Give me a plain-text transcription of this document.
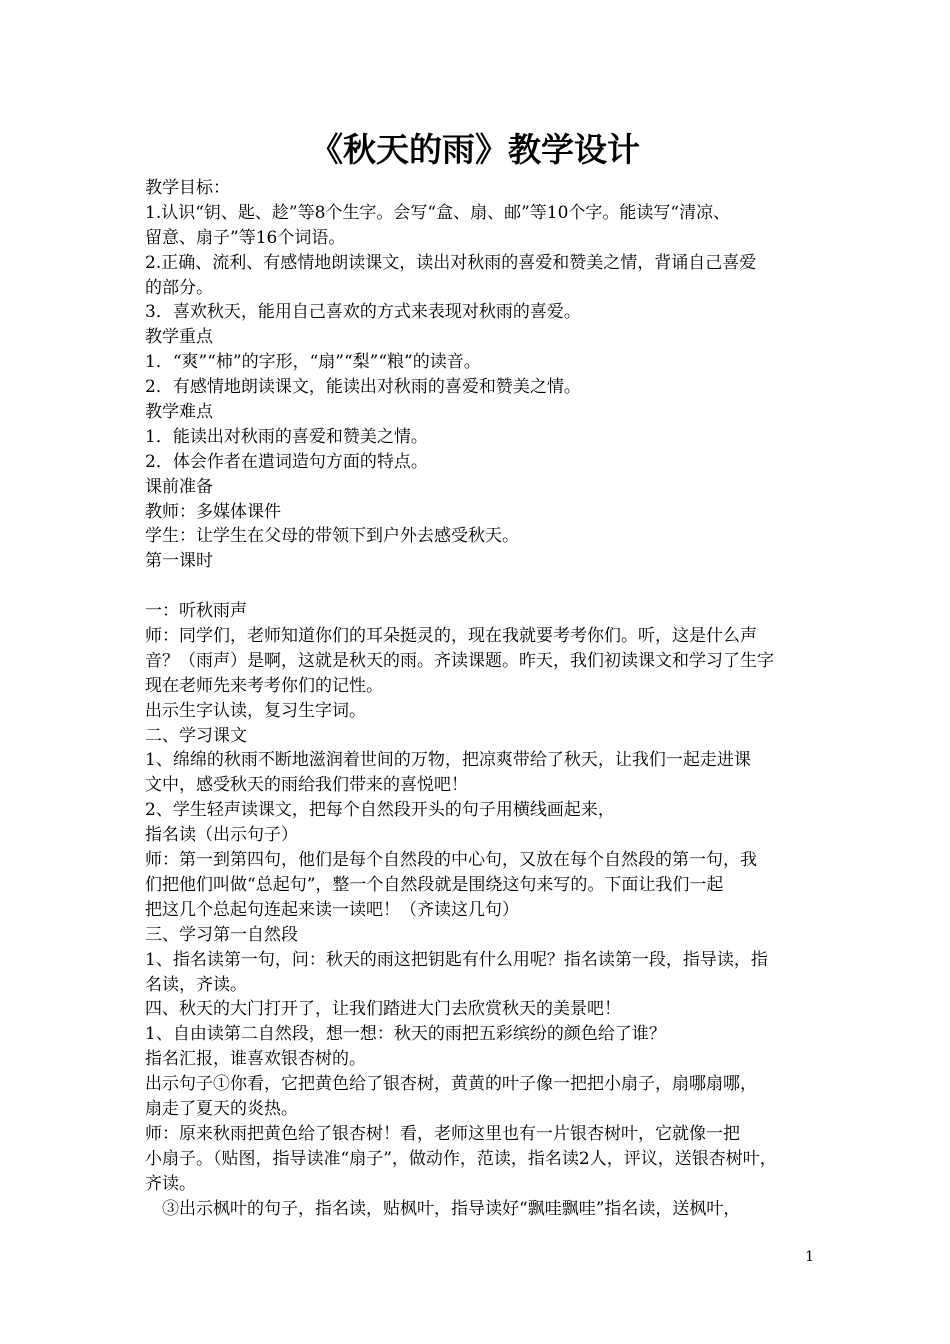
《秋天的雨》教学设计
教学目标：
1.认识“钥、匙、趁”等8个生字。会写“盒、扇、邮”等10个字。能读写“清凉、
留意、扇子”等16个词语。
2.正确、流利、有感情地朗读课文，读出对秋雨的喜爱和赞美之情，背诵自己喜爱
的部分。
3．喜欢秋天，能用自己喜欢的方式来表现对秋雨的喜爱。
教学重点
1．“爽”“柿”的字形，“扇”“梨”“粮”的读音。
2．有感情地朗读课文，能读出对秋雨的喜爱和赞美之情。
教学难点
1．能读出对秋雨的喜爱和赞美之情。
2．体会作者在遣词造句方面的特点。
课前准备
教师：多媒体课件
学生：让学生在父母的带领下到户外去感受秋天。
第一课时
一：听秋雨声
师：同学们，老师知道你们的耳朵挺灵的，现在我就要考考你们。听，这是什么声
音？（雨声）是啊，这就是秋天的雨。齐读课题。昨天，我们初读课文和学习了生字
现在老师先来考考你们的记性。
出示生字认读，复习生字词。
二、学习课文
1、绵绵的秋雨不断地滋润着世间的万物，把凉爽带给了秋天，让我们一起走进课
文中，感受秋天的雨给我们带来的喜悦吧！
2、学生轻声读课文，把每个自然段开头的句子用横线画起来，
指名读（出示句子）
师：第一到第四句，他们是每个自然段的中心句，又放在每个自然段的第一句，我
们把他们叫做“总起句”，整一个自然段就是围绕这句来写的。下面让我们一起
把这几个总起句连起来读一读吧！（齐读这几句）
三、学习第一自然段
1、指名读第一句，问：秋天的雨这把钥匙有什么用呢？指名读第一段，指导读，指
名读，齐读。
四、秋天的大门打开了，让我们踏进大门去欣赏秋天的美景吧！
1、自由读第二自然段，想一想：秋天的雨把五彩缤纷的颜色给了谁？
指名汇报，谁喜欢银杏树的。
出示句子①你看，它把黄色给了银杏树，黄黄的叶子像一把把小扇子，扇哪扇哪，
扇走了夏天的炎热。
师：原来秋雨把黄色给了银杏树！看，老师这里也有一片银杏树叶，它就像一把
小扇子。（贴图，指导读准“扇子”，做动作，范读，指名读2人，评议，送银杏树叶，
齐读。
③出示枫叶的句子，指名读，贴枫叶，指导读好“飘哇飘哇”指名读，送枫叶，
1
